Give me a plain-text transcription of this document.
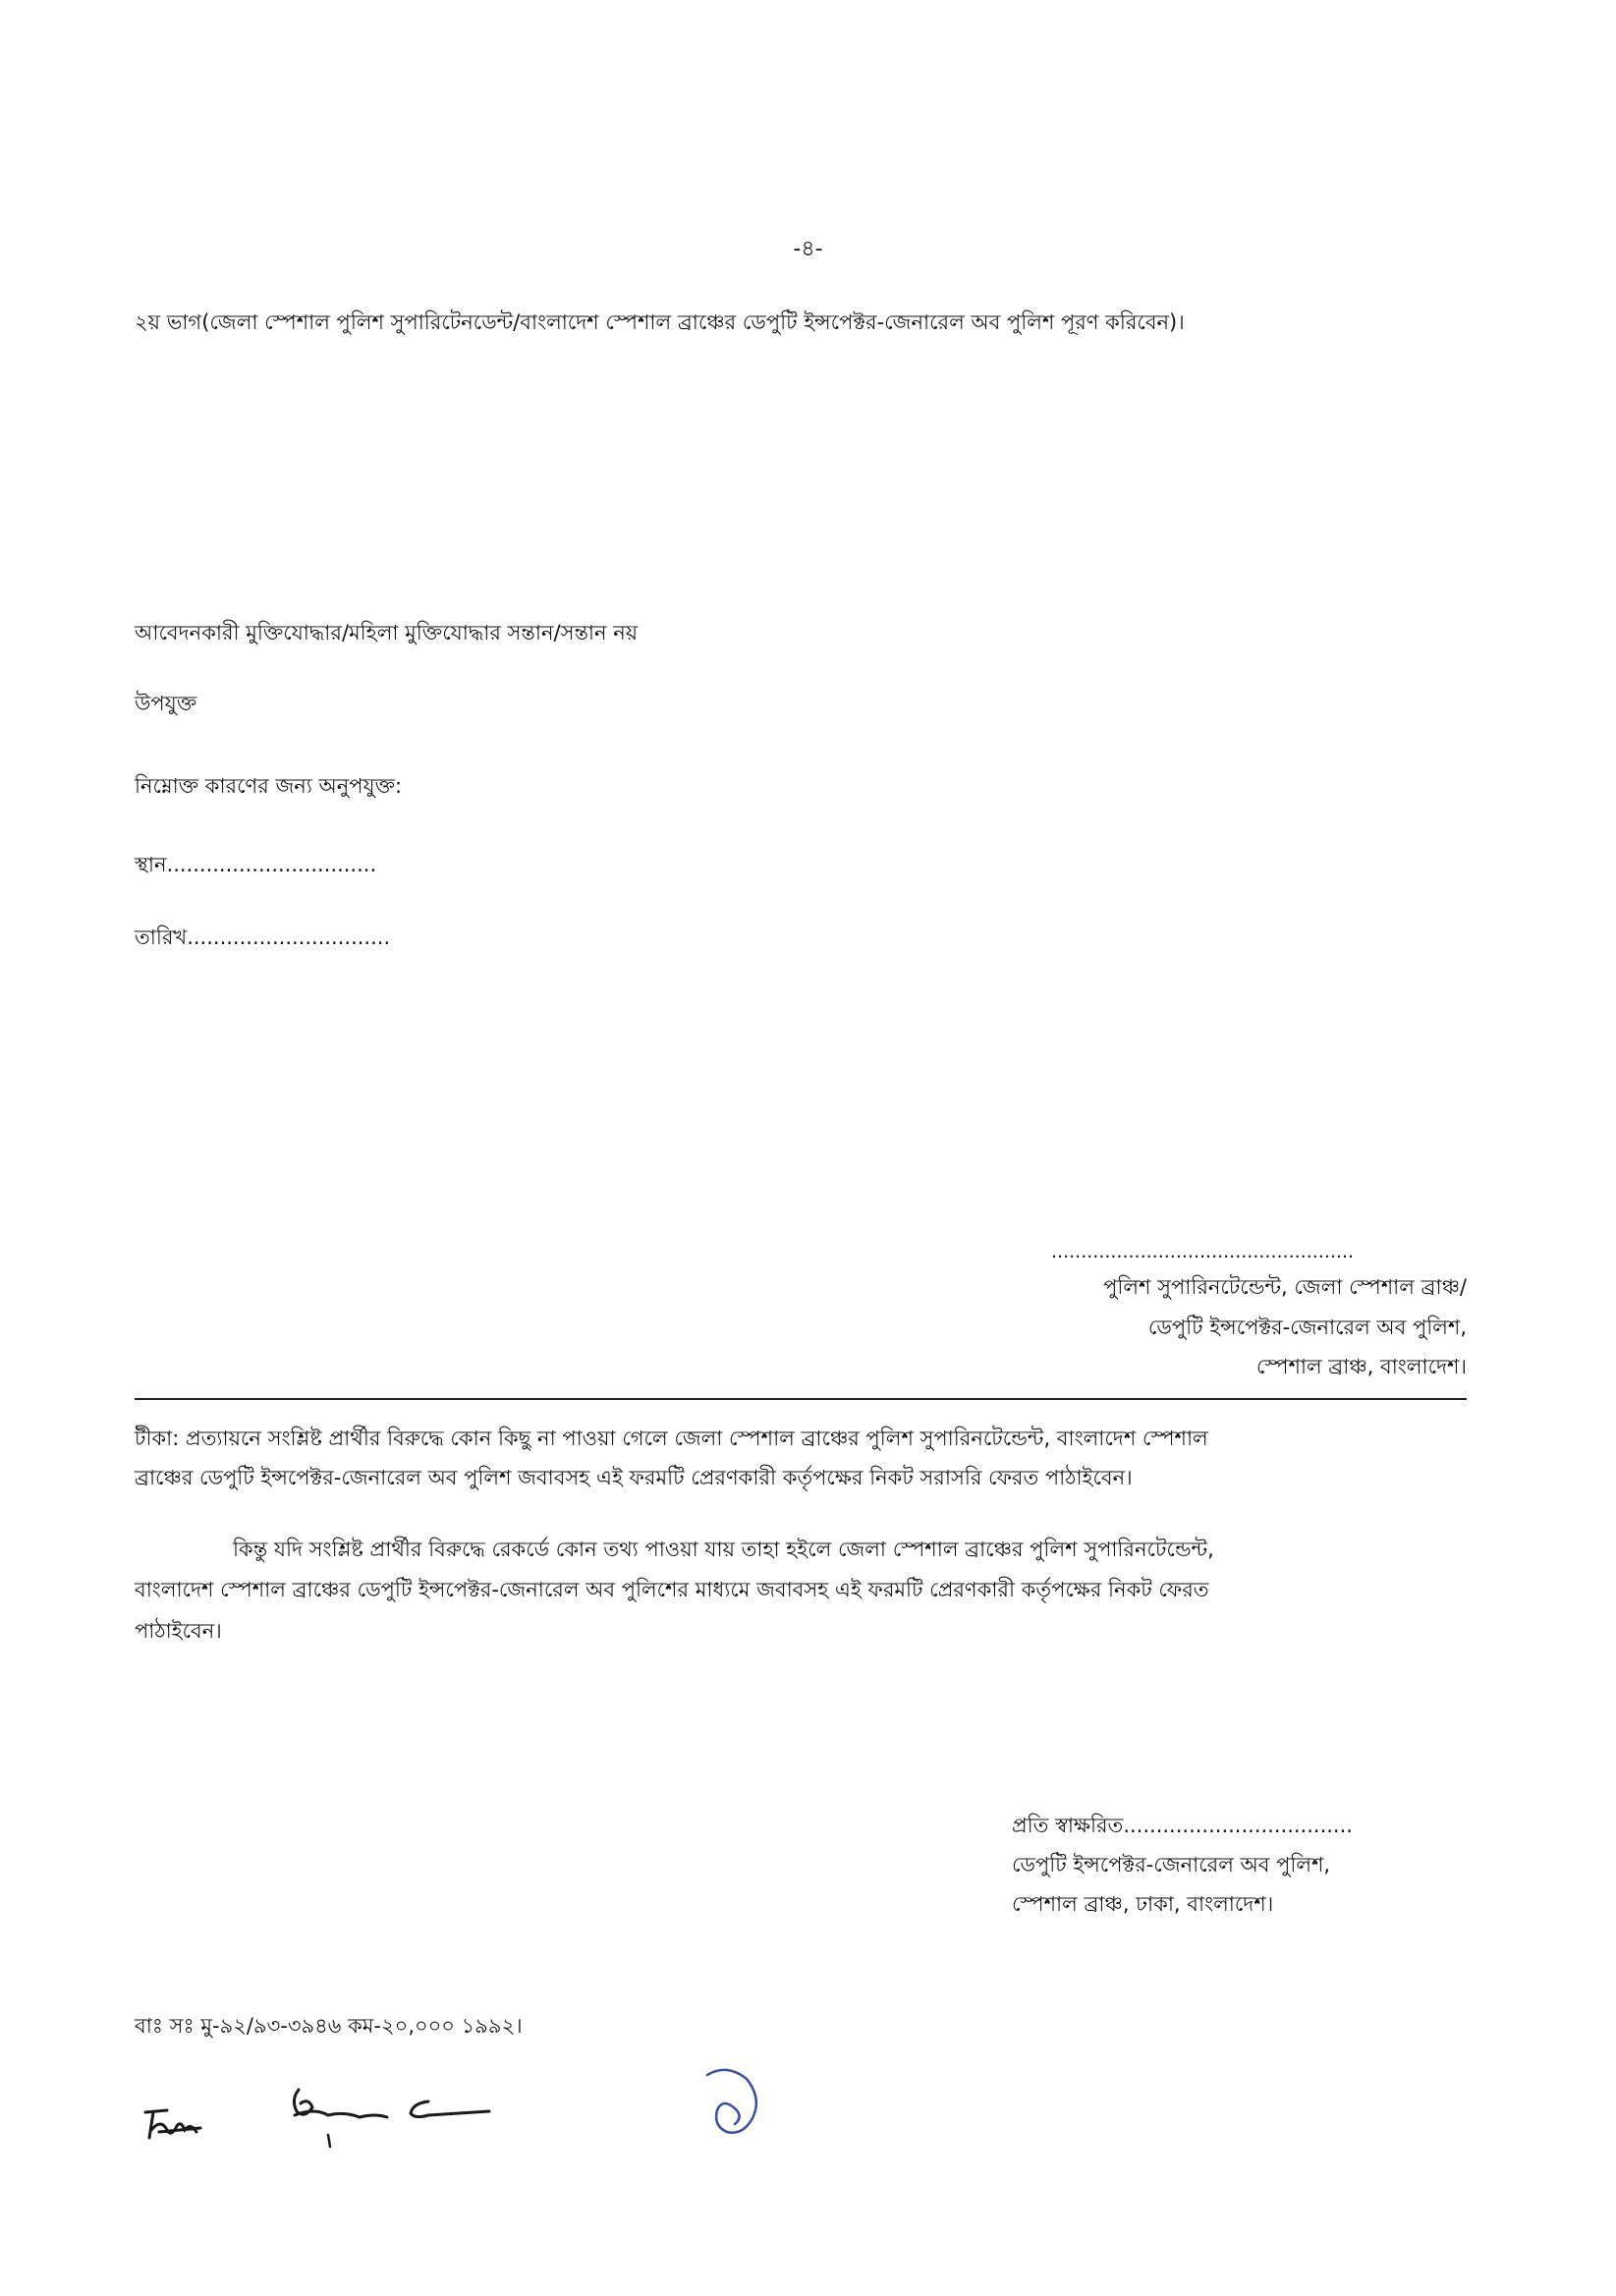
-৪-
২য় ভাগ(জেলা স্পেশাল পুলিশ সুপারিটেনডেন্ট/বাংলাদেশ স্পেশাল ব্রাঞ্চের ডেপুটি ইন্সপেক্টর-জেনারেল অব পুলিশ পূরণ করিবেন)।
আবেদনকারী মুক্তিযোদ্ধার/মহিলা মুক্তিযোদ্ধার সন্তান/সন্তান নয়
উপযুক্ত
নিম্নোক্ত কারণের জন্য অনুপযুক্ত:
স্থান................................
তারিখ...............................
...................................................
পুলিশ সুপারিনটেন্ডেন্ট, জেলা স্পেশাল ব্রাঞ্চ/
ডেপুটি ইন্সপেক্টর-জেনারেল অব পুলিশ,
স্পেশাল ব্রাঞ্চ, বাংলাদেশ।
টীকা: প্রত্যায়নে সংশ্লিষ্ট প্রার্থীর বিরুদ্ধে কোন কিছু না পাওয়া গেলে জেলা স্পেশাল ব্রাঞ্চের পুলিশ সুপারিনটেন্ডেন্ট, বাংলাদেশ স্পেশাল
ব্রাঞ্চের ডেপুটি ইন্সপেক্টর-জেনারেল অব পুলিশ জবাবসহ এই ফরমটি প্রেরণকারী কর্তৃপক্ষের নিকট সরাসরি ফেরত পাঠাইবেন।
কিন্তু যদি সংশ্লিষ্ট প্রার্থীর বিরুদ্ধে রেকর্ডে কোন তথ্য পাওয়া যায় তাহা হইলে জেলা স্পেশাল ব্রাঞ্চের পুলিশ সুপারিনটেন্ডেন্ট,
বাংলাদেশ স্পেশাল ব্রাঞ্চের ডেপুটি ইন্সপেক্টর-জেনারেল অব পুলিশের মাধ্যমে জবাবসহ এই ফরমটি প্রেরণকারী কর্তৃপক্ষের নিকট ফেরত
পাঠাইবেন।
প্রতি স্বাক্ষরিত...................................
ডেপুটি ইন্সপেক্টর-জেনারেল অব পুলিশ,
স্পেশাল ব্রাঞ্চ, ঢাকা, বাংলাদেশ।
বাঃ সঃ মু-৯২/৯৩-৩৯৪৬ কম-২০,০০০ ১৯৯২।
